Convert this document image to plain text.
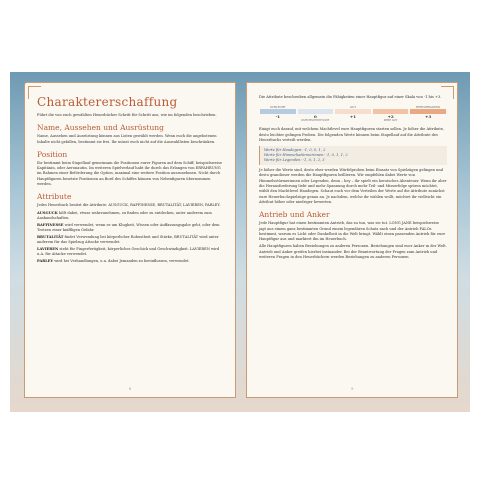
Charaktererschaffung

Führt die von euch gewählten Heuerbücher Schritt für Schritt aus, wie im folgenden beschrieben.

Name, Aussehen und Ausrüstung

Name, Aussehen und Ausrüstung können aus Listen gewählt werden. Wenn euch die angebotenen Inhalte nicht gefallen, bestimmt sie frei. Ihr müsst euch nicht auf die Auswahllisten beschränken.

Position

Ihr bestimmt beim Stapellauf gemeinsam die Positionen eurer Figuren auf dem Schiff, beispielsweise Kapitänin, oder Aeronautin. Im weiteren Spielverlauf habt ihr durch das Erlangen von ERFAHRUNG im Rahmen einer Beförderung die Option, maximal eine weitere Position auszunehmen. Nicht durch Hauptfiguren besetzte Positionen an Bord des Schiffes können von Nebenfiguren übernommen werden.

Attribute

Jedes Heuerbuch besitzt die Attribute: AUSGUCK, RAFFINESSE, BRUTALITÄT, LAVIEREN, PARLEY.

AUSGUCK hilft dabei, etwas wahrzunehmen, zu finden oder zu entdecken, unter anderem zum Auskundschaften.
RAFFINESSE wird verwendet, wenn es um Klugheit, Wissen oder Auffassungsgabe geht, oder dem Trotzen einer kniffligen Gefahr.
BRUTALITÄT findet Verwendung bei körperlicher Robustheit und Stärke, BRUTALITÄT wird unter anderem für das Spielzug Attacke verwendet.
LAVIEREN steht für Fingerfertigkeit, körperliches Geschick und Geschwindigkeit. LAVIEREN wird u.A. für Attacke verwendet.
PARLEY wird bei Verhandlungen, u.a. dabei Jemanden zu beeinflussen, verwendet.
8

Die Attribute beschreiben allgemein die Fähigkeiten einer Hauptfigur auf einer Skala von -1 bis +3.

SCHLECHT	GUT	HERVORRAGEND
-1	0	+1	+2	+3
DURCHSCHNITTLICH	SEHR GUT

Einigt euch darauf, mit welchem Machtlevel eure Hauptfiguren starten sollen. Je höher die Attribute, desto leichter gelingen Proben. Die folgenden Werte können beim Stapellauf auf die Attribute des Heuerbuchs verteilt werden.

Werte für Haudegen: -1, 0, 0, 1, 2
Werte für Himmelsstürmerinnen: -1, 0, 1, 1, 2
Werte für Legenden: -1, 0, 1, 2, 3

Je höher die Werte sind, desto eher werden Würfelproben beim Einsatz von Spielzügen gelingen und desto grandioser werden die Hauptfiguren brillieren. Wir empfehlen dabei Werte von Himmelsstürmerinnen oder Legenden, denn – hey – ihr spielt ein heroisches Abenteuer. Wenn ihr aber die Herausforderung liebt und mehr Spannung durch mehr Teil- und Misserfolge spüren möchtet, wählt den Machtlevel Haudegen. Schaut euch vor dem Verteilen der Werte auf die Attribute zunächst eure Heuerbuchspielzüge genau an. Je nachdem, welche ihr wählen wollt, möchtet ihr vielleicht ein Attribut höher oder niedriger bewerten.

Antrieb und Anker

Jede Hauptfigur hat einen bestimmten Antrieb, das zu tun, was sie tut. LONG JANE beispielsweise jagt aus einem ganz bestimmten Grund einem legendären Schatz nach und der Antrieb FALOs bestimmt, warum es Licht oder Dunkelheit in die Welt bringt. Wählt einen passenden Antrieb für eure Hauptfigur aus und markiert ihn im Heuerbuch.

Alle Hauptfiguren haben Beziehungen zu anderen Personen. Beziehungen sind euer Anker in der Welt. Antrieb und Anker greifen hierbei ineinander. Bei der Beantwortung der Fragen zum Antrieb und weiteren Fragen in den Heuerbüchern werden Beziehungen zu anderen Personen

9
